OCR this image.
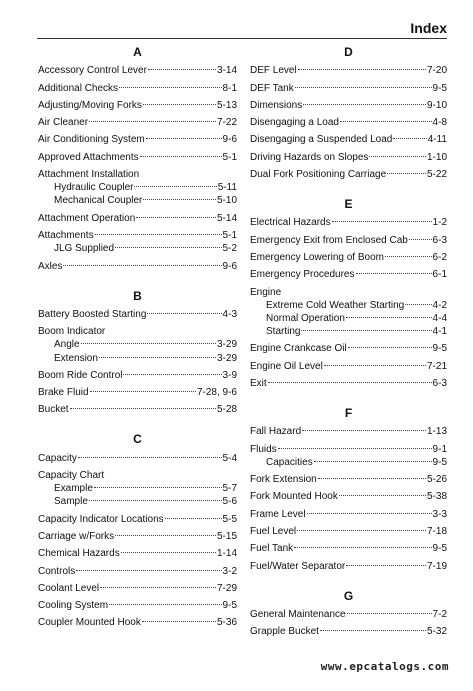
Index
A
Accessory Control Lever	3-14
Additional Checks	8-1
Adjusting/Moving Forks	5-13
Air Cleaner	7-22
Air Conditioning System	9-6
Approved Attachments	5-1
Attachment Installation
Hydraulic Coupler	5-11
Mechanical Coupler	5-10
Attachment Operation	5-14
Attachments	5-1
JLG Supplied	5-2
Axles	9-6
B
Battery Boosted Starting	4-3
Boom Indicator
Angle	3-29
Extension	3-29
Boom Ride Control	3-9
Brake Fluid	7-28, 9-6
Bucket	5-28
C
Capacity	5-4
Capacity Chart
Example	5-7
Sample	5-6
Capacity Indicator Locations	5-5
Carriage w/Forks	5-15
Chemical Hazards	1-14
Controls	3-2
Coolant Level	7-29
Cooling System	9-5
Coupler Mounted Hook	5-36
D
DEF Level	7-20
DEF Tank	9-5
Dimensions	9-10
Disengaging a Load	4-8
Disengaging a Suspended Load	4-11
Driving Hazards on Slopes	1-10
Dual Fork Positioning Carriage	5-22
E
Electrical Hazards	1-2
Emergency Exit from Enclosed Cab 6-3
Emergency Lowering of Boom	6-2
Emergency Procedures	6-1
Engine
Extreme Cold Weather Starting	4-2
Normal Operation	4-4
Starting	4-1
Engine Crankcase Oil	9-5
Engine Oil Level	7-21
Exit	6-3
F
Fall Hazard	1-13
Fluids	9-1
Capacities	9-5
Fork Extension	5-26
Fork Mounted Hook	5-38
Frame Level	3-3
Fuel Level	7-18
Fuel Tank	9-5
Fuel/Water Separator	7-19
G
General Maintenance	7-2
Grapple Bucket	5-32
www.epcatalogs.com
